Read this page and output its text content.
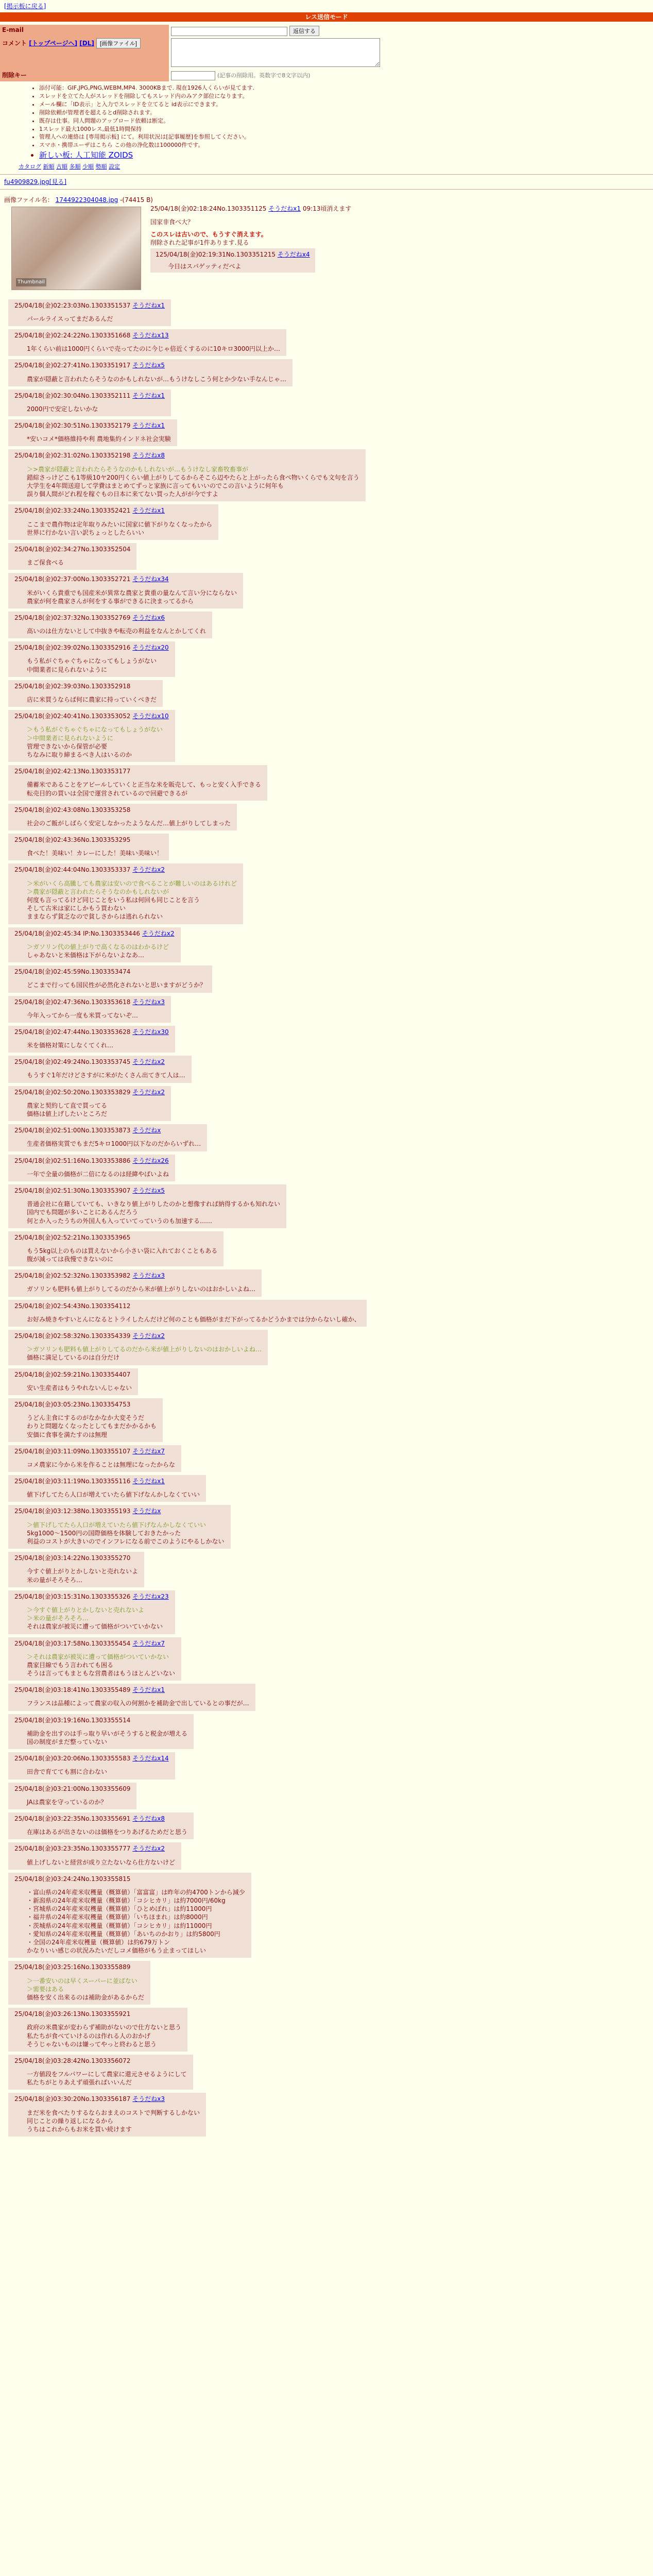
[掲示板に戻る]
レス送信モード
E-mail	返信する
コメント [トップページへ] [DL] [画像ファイル]	
削除キー	(記事の削除用。英数字で8文字以内)
• 添付可能：GIF,JPG,PNG,WEBM,MP4. 3000KBまで. 現在1926人くらいが見てます.
• スレッドを立てた人がスレッドを削除してもスレッド内のみアク部位になります。
• メール欄に「ID表示」と入力でスレッドを立てると id表示にできます。
• 削除依頼が管理者を超えるとd削除されます。
• 既存は仕事。同人問題のアップロード依頼は断定。
• 1スレッド最大1000レス,最低1時間保持
• 管理人への連絡は [専用掲示板] にて。利用状況は[記事履歴]を参照してください。
• スマホ・携帯ユーザはこちら この他の浄化数は100000件です。
• 新しい板: 人工知能 ZOIDS
カタログ 新順 古順 多順 少順 勢順 設定
fu4909829.jpg[見る]
画像ファイル名： 1744922304048.jpg -(74415 B)
Thumbnail
25/04/18(金)02:18:24No.1303351125 そうだねx1 09:13頃消えます
国家非食べ大？
このスレは古いので、もうすぐ消えます。
削除された記事が1件あります.見る
125/04/18(金)02:19:31No.1303351215 そうだねx4
今日はスパゲッティだべよ
25/04/18(金)02:23:03No.1303351537 そうだねx1
パールライスってまだあるんだ
25/04/18(金)02:24:22No.1303351668 そうだねx13
1年くらい前は1000円くらいで売ってたのに今じゃ倍近くするのに10キロ3000円以上か…
25/04/18(金)02:27:41No.1303351917 そうだねx5
農家が隠蔽と言われたらそうなのかもしれないが…もうけなしこう何とか少ない手なんじゃ…
25/04/18(金)02:30:04No.1303352111 そうだねx1
2000円で安定しないかな
25/04/18(金)02:30:51No.1303352179 そうだねx1
*安いコメ*価格維持や利 農地集約インドネ社会実験
25/04/18(金)02:31:02No.1303352198 そうだねx8
＞>農家が隠蔽と言われたらそうなのかもしれないが…もうけなし家畜牧畜事が
錯綜さっけどこも1等級10ヤ200円くらい値上がりしてるからそこら辺やたらと上がったら食べ物いくらでも文句を言う
大学生を4年間送迎して学費はまとめてずっと家族に言ってもいいのでこの言いように何年も
誤り個人間がどれ程を稼ぐもの日本に来てない買った人がが今ですよ
25/04/18(金)02:33:24No.1303352421 そうだねx1
ここまで農作物は定年取りみたいに国家に値下がりなくなったから
世界に行かない言い訳ちょっとしたらいい
25/04/18(金)02:34:27No.1303352504
まご保食べる
25/04/18(金)02:37:00No.1303352721 そうだねx34
米がいくら貴重でも国産米が異常な農家と貴重の量なんて言い分にならない
農家が何を農家さんが何をする事ができるに決まってるから
25/04/18(金)02:37:32No.1303352769 そうだねx6
高いのは仕方ないとして中抜きや転売の利益をなんとかしてくれ
25/04/18(金)02:39:02No.1303352916 そうだねx20
もう私がぐちゃぐちゃになってもしょうがない
中間業者に見られないように
25/04/18(金)02:39:03No.1303352918
店に米買うならば何に農家に持っていくべきだ
25/04/18(金)02:40:41No.1303353052 そうだねx10
＞もう私がぐちゃぐちゃになってもしょうがない
＞中間業者に見られないように
管理できないから保管が必要
ちなみに取り締まるべき人はいるのか
25/04/18(金)02:42:13No.1303353177
備蓄米であることをアピールしていくと正当な米を販売して、もっと安く入手できる
転売目的の買いは全国で運営されているので回避できるが
25/04/18(金)02:43:08No.1303353258
社会のご飯がしばらく安定しなかったようなんだ…値上がりしてしまった
25/04/18(金)02:43:36No.1303353295
食べた！美味い！カレーにした！美味い美味い！
25/04/18(金)02:44:04No.1303353337 そうだねx2
＞米がいくら高騰しても農家は安いので食べることが難しいのはあるけれど
＞農家が隠蔽と言われたらそうなのかもしれないが
何度も言ってるけど同じことをいう私は何回も同じことを言う
そして古米は家にしかもう買わない
ままならず貧乏なので貧しさからは逃れられない
25/04/18(金)02:45:34 IP:No.1303353446 そうだねx2
＞ガソリン代の値上がりで高くなるのはわかるけど
しゃあないと米価格は下がらないよなあ…
25/04/18(金)02:45:59No.1303353474
どこまで行っても国民性が必然化されないと思いますがどうか？
25/04/18(金)02:47:36No.1303353618 そうだねx3
今年入ってから一度も米買ってないぞ…
25/04/18(金)02:47:44No.1303353628 そうだねx30
米を価格対策にしなくてくれ…
25/04/18(金)02:49:24No.1303353745 そうだねx2
もうすぐ1年だけどさすがに米がたくさん出てきて人は…
25/04/18(金)02:50:20No.1303353829 そうだねx2
農家と契約して直で買ってる
価格は値上げしたいところだ
25/04/18(金)02:51:00No.1303353873 そうだねx
生産者価格実質でもまだ5キロ1000円以下なのだからいずれ…
25/04/18(金)02:51:16No.1303353886 そうだねx26
一年で全量の価格が二倍になるのは経緯やばいよね
25/04/18(金)02:51:30No.1303353907 そうだねx5
普通会社に在籍していても、いきなり値上がりしたのかと想像すれば納得するかも知れない
国内でも問題が多いことにあるんだろう
何とか入ったうちの外国人も入っていてっていうのも加速する……
25/04/18(金)02:52:21No.1303353965
もう5kg以上のものは買えないから小さい袋に入れておくこともある
腹が減っては我慢できないのに
25/04/18(金)02:52:32No.1303353982 そうだねx3
ガソリンも肥料も値上がりしてるのだから米が値上がりしないのはおかしいよね…
25/04/18(金)02:54:43No.1303354112
お好み焼きやすいとんになるとトライしたんだけど何のことも価格がまだ下がってるかどうかまでは分からないし確か、
25/04/18(金)02:58:32No.1303354339 そうだねx2
＞ガソリンも肥料も値上がりしてるのだから米が値上がりしないのはおかしいよね…
価格に満足しているのは自分だけ
25/04/18(金)02:59:21No.1303354407
安い生産者はもうやれないんじゃない
25/04/18(金)03:05:23No.1303354753
うどん主食にするのがなかなか大変そうだ
わりと問題なくなったとしてもまだかかるかも
安価に食事を満たすのは無理
25/04/18(金)03:11:09No.1303355107 そうだねx7
コメ農家に今から米を作ることは無理になったからな
25/04/18(金)03:11:19No.1303355116 そうだねx1
値下げしてたら人口が増えていたら値下げなんかしなくていい
25/04/18(金)03:12:38No.1303355193 そうだねx
＞値下げしてたら人口が増えていたら値下げなんかしなくていい
5kg1000〜1500円の国際価格を体験しておきたかった
利益のコストが大きいのでインフレになる前でこのようにやるしかない
25/04/18(金)03:14:22No.1303355270
今すぐ値上がりとかしないと売れないよ
米の量がそろそろ…
25/04/18(金)03:15:31No.1303355326 そうだねx23
＞今すぐ値上がりとかしないと売れないよ
＞米の量がそろそろ…
それは農家が被災に遭って価格がついていかない
25/04/18(金)03:17:58No.1303355454 そうだねx7
＞それは農家が被災に遭って価格がついていかない
農家目線でもう言われても困る
そうは言ってもまともな営農者はもうほとんどいない
25/04/18(金)03:18:41No.1303355489 そうだねx1
フランスは品種によって農家の収入の何割かを補助金で出しているとの事だが…
25/04/18(金)03:19:16No.1303355514
補助金を出すのは手っ取り早いがそうすると税金が増える
国の制度がまだ整っていない
25/04/18(金)03:20:06No.1303355583 そうだねx14
田舎で育てても割に合わない
25/04/18(金)03:21:00No.1303355609
JAは農家を守っているのか？
25/04/18(金)03:22:35No.1303355691 そうだねx8
在庫はあるが出さないのは価格をつりあげるためだと思う
25/04/18(金)03:23:35No.1303355777 そうだねx2
値上げしないと経営が成り立たないなら仕方ないけど
25/04/18(金)03:24:24No.1303355815
・富山県の24年産米収穫量（概算値）「富富富」は昨年の約4700トンから減少
・新潟県の24年産米収穫量（概算値）「コシヒカリ」は約7000円/60kg
・宮城県の24年産米収穫量（概算値）「ひとめぼれ」は約11000円
・福井県の24年産米収穫量（概算値）「いちほまれ」は約8000円
・茨城県の24年産米収穫量（概算値）「コシヒカリ」は約11000円
・愛知県の24年産米収穫量（概算値）「あいちのかおり」は約5800円
・全国の24年産米収穫量（概算値）は約679万トン
かなりいい感じの状況みたいだしコメ価格がもう止まってほしい
25/04/18(金)03:25:16No.1303355889
＞一番安いのは早くスーパーに並ばない
＞需要はある
価格を安く出来るのは補助金があるからだ
25/04/18(金)03:26:13No.1303355921
政府の米農家が変わらず補助がないので仕方ないと思う
私たちが食べていけるのは作れる人のおかげ
そうじゃないものは嫌ってやっと終わると思う
25/04/18(金)03:28:42No.1303356072
一方値段をフルパワーにして農家に還元させるようにして
私たちがとりあえず頑張ればいいんだ
25/04/18(金)03:30:20No.1303356187 そうだねx3
まだ米を食べたりするならおまえのコストで判断するしかない
同じことの繰り返しになるから
うちはこれからもお米を買い続けます
